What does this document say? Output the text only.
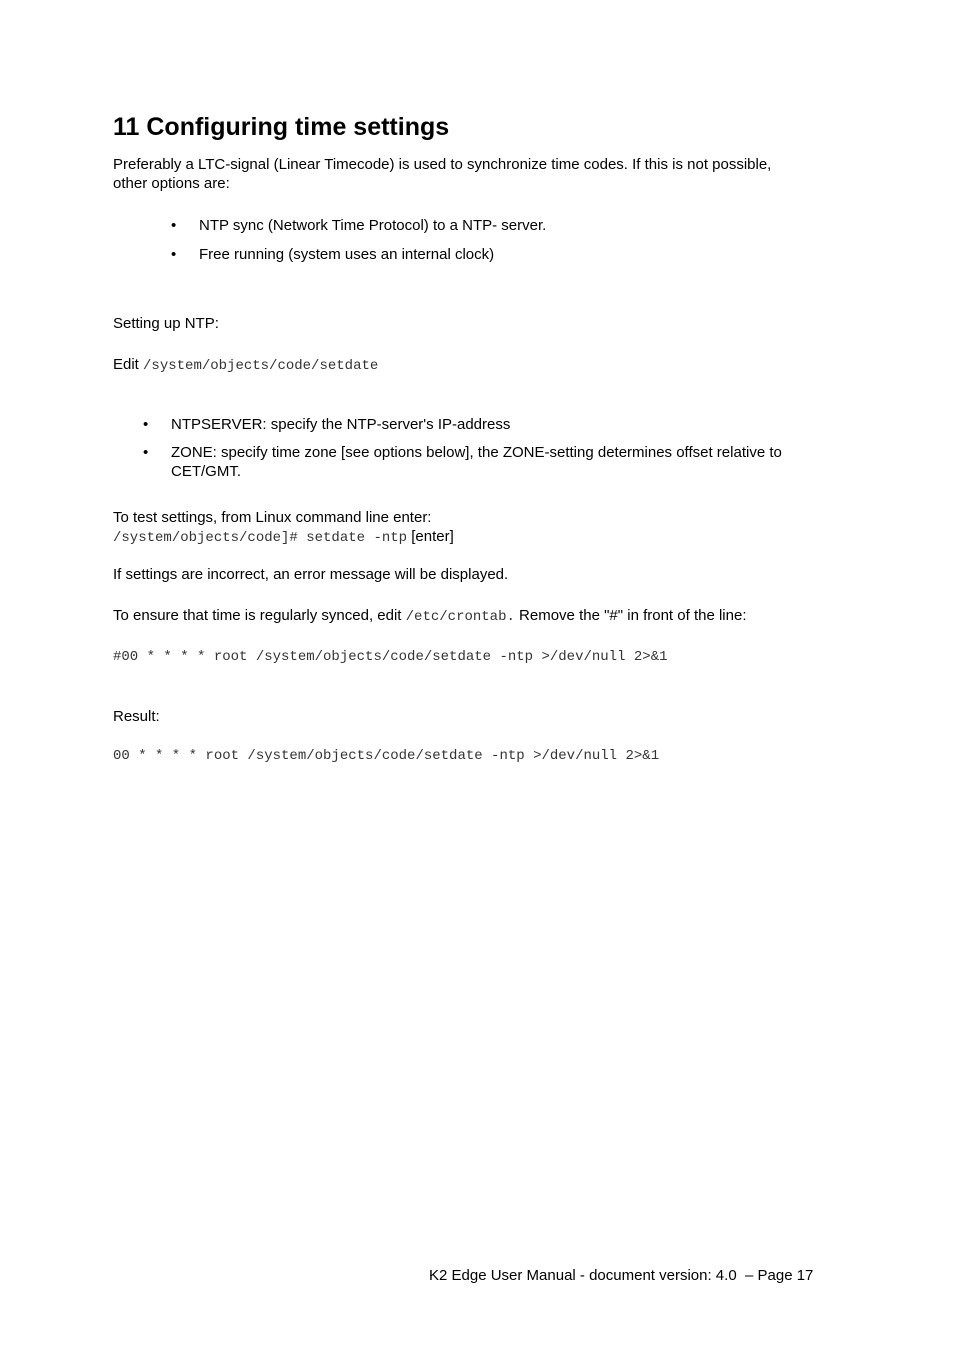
11 Configuring time settings

Preferably a LTC-signal (Linear Timecode) is used to synchronize time codes. If this is not possible,

other options are:

• NTP sync (Network Time Protocol) to a NTP- server.
• Free running (system uses an internal clock)

Setting up NTP:

Edit /system/objects/code/setdate

• NTPSERVER: specify the NTP-server's IP-address
• ZONE: specify time zone [see options below], the ZONE-setting determines offset relative to
CET/GMT.

To test settings, from Linux command line enter:

/system/objects/code]# setdate -ntp [enter]

If settings are incorrect, an error message will be displayed.

To ensure that time is regularly synced, edit /etc/crontab. Remove the "#" in front of the line:

#00 * * * * root /system/objects/code/setdate -ntp >/dev/null 2>&1

Result:

00 * * * * root /system/objects/code/setdate -ntp >/dev/null 2>&1

K2 Edge User Manual - document version: 4.0  – Page 17
